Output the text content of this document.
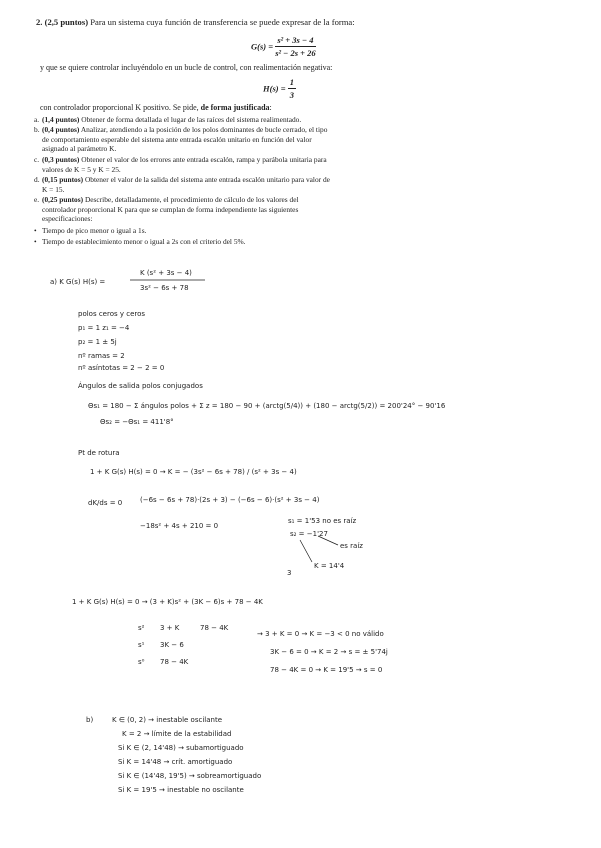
2. (2,5 puntos) Para un sistema cuya función de transferencia se puede expresar de la forma:
$G(s) = \frac{\text{s² + 3s − 4}}{\text{s² − 2s + 26}}$
y que se quiere controlar incluyéndolo en un bucle de control, con realimentación negativa:
$H(s) = \frac{1}{3}$
con controlador proporcional K positivo. Se pide, de forma justificada:
a. (1,4 puntos) Obtener de forma detallada el lugar de las raíces del sistema realimentado.
b. (0,4 puntos) Analizar, atendiendo a la posición de los polos dominantes de bucle cerrado, el tipo de comportamiento esperable del sistema ante entrada escalón unitario en función del valor asignado al parámetro K.
c. (0,3 puntos) Obtener el valor de los errores ante entrada escalón, rampa y parábola unitaria para valores de K = 5 y K = 25.
d. (0,15 puntos) Obtener el valor de la salida del sistema ante entrada escalón unitario para valor de K = 15.
e. (0,25 puntos) Describe, detalladamente, el procedimiento de cálculo de los valores del controlador proporcional K para que se cumplan de forma independiente las siguientes especificaciones:
• Tiempo de pico menor o igual a 1s.
• Tiempo de establecimiento menor o igual a 2s con el criterio del 5%.
a) K G(s) H(s) =
K (s² + 3s − 4)
3s² − 6s + 78
polos ceros y ceros
p₁ = 1 z₁ = −4
p₂ = 1 ± 5j
nº ramas = 2
nº asíntotas = 2 − 2 = 0
Ángulos de salida polos conjugados
Θs₁ = 180 − Σ ángulos polos + Σ z = 180 − 90 + (arctg(5/4)) + (180 − arctg(5/2)) = 200'24° − 90'16
Θs₂ = −Θs₁ = 411'8°
Pt de rotura
1 + K G(s) H(s) = 0 → K = − (3s² − 6s + 78) / (s² + 3s − 4)
dK/ds = 0	(−6s − 6s + 78)·(2s + 3) − (−6s − 6)·(s² + 3s − 4)
−18s² + 4s + 210 = 0
s₁ = 1'53 no es raíz
s₂ = −1'27
es raíz
K = 14'4
3
1 + K G(s) H(s) = 0 → (3 + K)s² + (3K − 6)s + 78 − 4K
s² 3 + K	78 − 4K
s¹ 3K − 6
s⁰ 78 − 4K
→ 3 + K = 0 → K = −3 < 0 no válido
3K − 6 = 0 → K = 2 → s = ± 5'74j
78 − 4K = 0 → K = 19'5 → s = 0
b)	K ∈ (0, 2) → inestable oscilante
K = 2 → límite de la estabilidad
Si K ∈ (2, 14'48) → subamortiguado
Si K = 14'48 → crít. amortiguado
Si K ∈ (14'48, 19'5) → sobreamortiguado
Si K = 19'5 → inestable no oscilante
